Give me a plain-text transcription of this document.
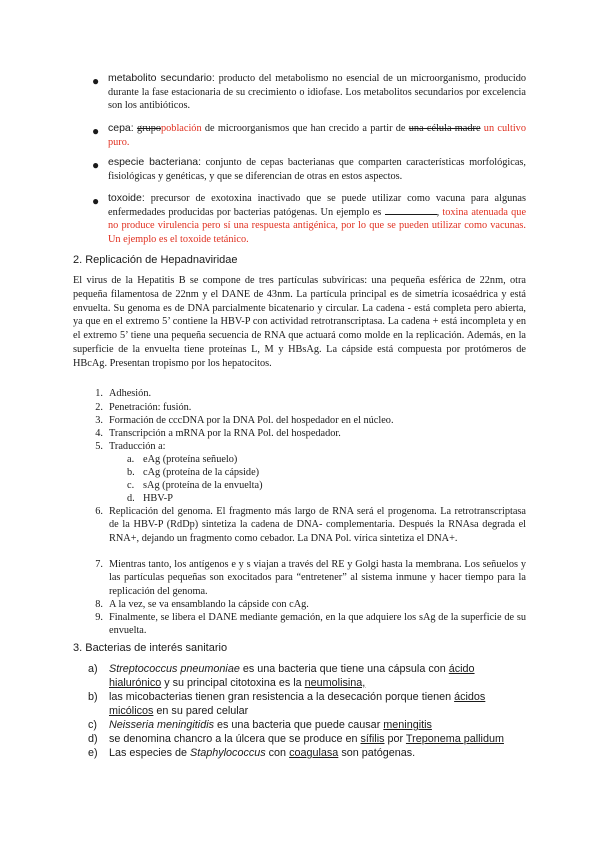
● metabolito secundario: producto del metabolismo no esencial de un microorganismo, producido durante la fase estacionaria de su crecimiento o idiofase. Los metabolitos secundarios por excelencia son los antibióticos.
● cepa: grupopoblación de microorganismos que han crecido a partir de una célula madre un cultivo puro.
● especie bacteriana: conjunto de cepas bacterianas que comparten características morfológicas, fisiológicas y genéticas, y que se diferencian de otras en estos aspectos.
● toxoide: precursor de exotoxina inactivado que se puede utilizar como vacuna para algunas enfermedades producidas por bacterias patógenas. Un ejemplo es	, toxina atenuada que no produce virulencia pero sí una respuesta antigénica, por lo que se pueden utilizar como vacunas. Un ejemplo es el toxoide tetánico.
2. Replicación de Hepadnaviridae
El virus de la Hepatitis B se compone de tres partículas subvíricas: una pequeña esférica de 22nm, otra pequeña filamentosa de 22nm y el DANE de 43nm. La partícula principal es de simetría icosaédrica y está envuelta. Su genoma es de DNA parcialmente bicatenario y circular. La cadena - está completa pero abierta, ya que en el extremo 5’ contiene la HBV-P con actividad retrotranscriptasa. La cadena + está incompleta y en el extremo 5’ tiene una pequeña secuencia de RNA que actuará como molde en la replicación. Además, en la superficie de la envuelta tiene proteínas L, M y HBsAg. La cápside está compuesta por protómeros de HBcAg. Presentan tropismo por los hepatocitos.
1. Adhesión.
2. Penetración: fusión.
3. Formación de cccDNA por la DNA Pol. del hospedador en el núcleo.
4. Transcripción a mRNA por la RNA Pol. del hospedador.
5. Traducción a:
a. eAg (proteína señuelo)
b. cAg (proteína de la cápside)
c. sAg (proteína de la envuelta)
d. HBV-P
6. Replicación del genoma. El fragmento más largo de RNA será el progenoma. La retrotranscriptasa de la HBV-P (RdDp) sintetiza la cadena de DNA- complementaria. Después la RNAsa degrada el RNA+, dejando un fragmento como cebador. La DNA Pol. vírica sintetiza el DNA+.
7. Mientras tanto, los antígenos e y s viajan a través del RE y Golgi hasta la membrana. Los señuelos y las partículas pequeñas son exocitados para “entretener” al sistema inmune y hacer tiempo para la replicación del genoma.
8. A la vez, se va ensamblando la cápside con cAg.
9. Finalmente, se libera el DANE mediante gemación, en la que adquiere los sAg de la superficie de su envuelta.
3. Bacterias de interés sanitario
a)	Streptococcus pneumoniae es una bacteria que tiene una cápsula con ácido hialurónico y su principal citotoxina es la neumolisina,
b)	las micobacterias tienen gran resistencia a la desecación porque tienen ácidos micólicos en su pared celular
c)	Neisseria meningitidis es una bacteria que puede causar meningitis
d)	se denomina chancro a la úlcera que se produce en sífilis por Treponema pallidum
e)	Las especies de Staphylococcus con coagulasa son patógenas.
